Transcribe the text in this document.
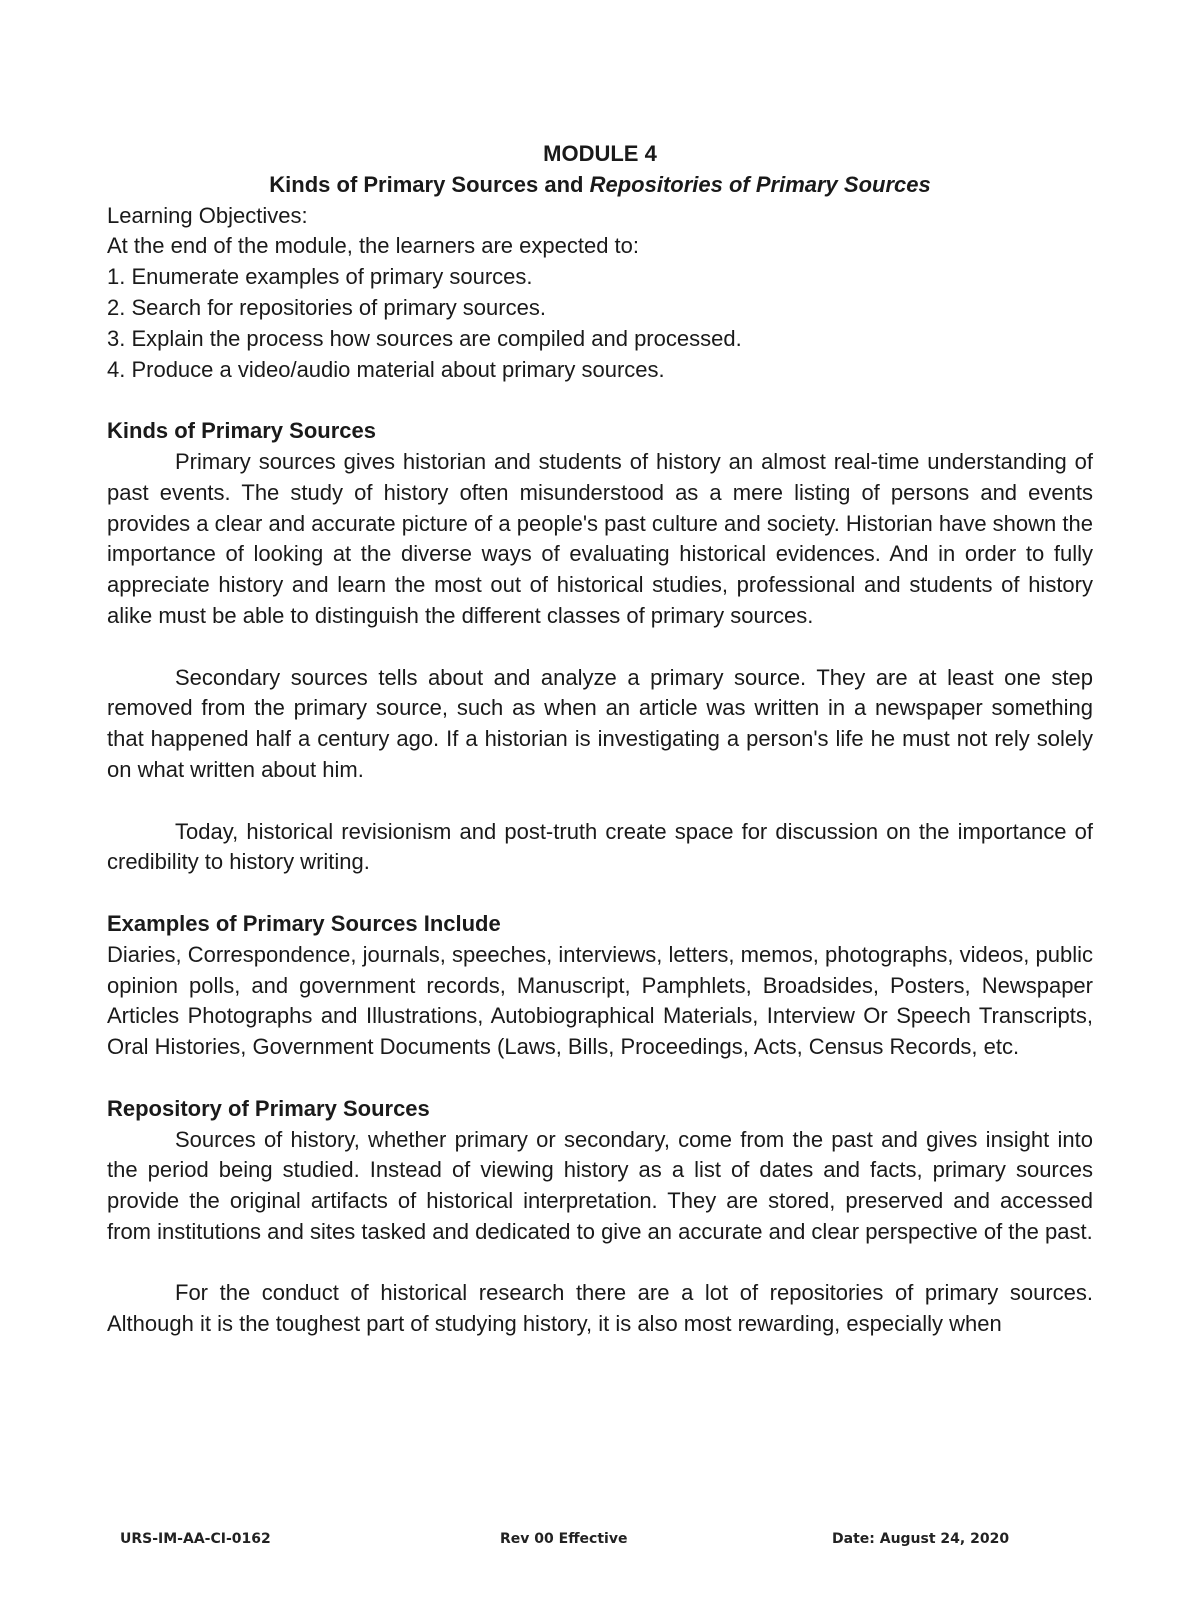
MODULE 4

Kinds of Primary Sources and Repositories of Primary Sources

Learning Objectives:

At the end of the module, the learners are expected to:

1. Enumerate examples of primary sources.

2. Search for repositories of primary sources.

3. Explain the process how sources are compiled and processed.

4. Produce a video/audio material about primary sources.

Kinds of Primary Sources

Primary sources gives historian and students of history an almost real-time understanding of past events. The study of history often misunderstood as a mere listing of persons and events provides a clear and accurate picture of a people's past culture and society. Historian have shown the importance of looking at the diverse ways of evaluating historical evidences. And in order to fully appreciate history and learn the most out of historical studies, professional and students of history alike must be able to distinguish the different classes of primary sources.

Secondary sources tells about and analyze a primary source. They are at least one step removed from the primary source, such as when an article was written in a newspaper something that happened half a century ago. If a historian is investigating a person's life he must not rely solely on what written about him.

Today, historical revisionism and post-truth create space for discussion on the importance of credibility to history writing.

Examples of Primary Sources Include

Diaries, Correspondence, journals, speeches, interviews, letters, memos, photographs, videos, public opinion polls, and government records, Manuscript, Pamphlets, Broadsides, Posters, Newspaper Articles Photographs and Illustrations, Autobiographical Materials, Interview Or Speech Transcripts, Oral Histories, Government Documents (Laws, Bills, Proceedings, Acts, Census Records, etc.

Repository of Primary Sources

Sources of history, whether primary or secondary, come from the past and gives insight into the period being studied. Instead of viewing history as a list of dates and facts, primary sources provide the original artifacts of historical interpretation. They are stored, preserved and accessed from institutions and sites tasked and dedicated to give an accurate and clear perspective of the past.

For the conduct of historical research there are a lot of repositories of primary sources. Although it is the toughest part of studying history, it is also most rewarding, especially when

URS-IM-AA-CI-0162	Rev 00 Effective	Date: August 24, 2020
